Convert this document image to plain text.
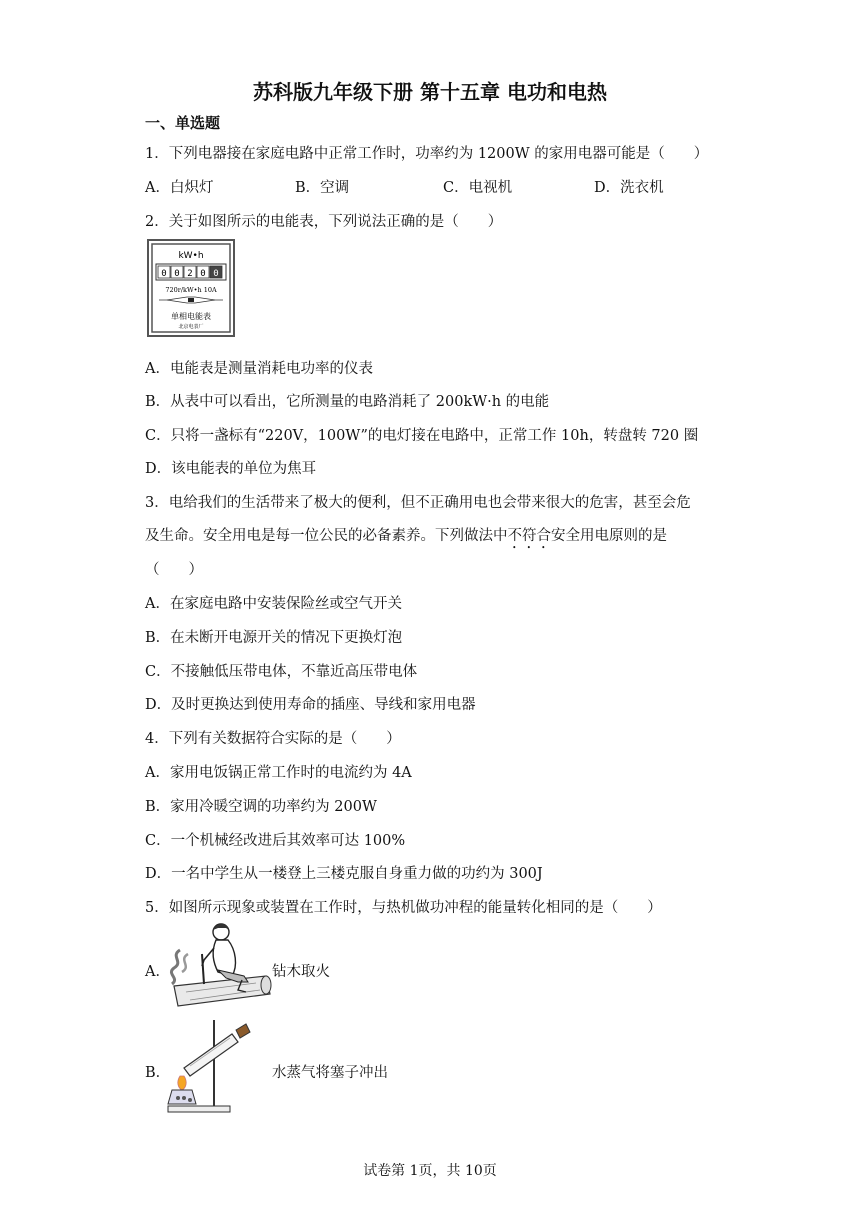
苏科版九年级下册 第十五章 电功和电热
一、单选题
1．下列电器接在家庭电路中正常工作时，功率约为 1200W 的家用电器可能是（　　）
A．白炽灯	B．空调	C．电视机	D．洗衣机
2．关于如图所示的电能表，下列说法正确的是（　　）
kW•h
0 0 2 0 0
720r/kW•h 10A
单相电能表
北京电表厂
A．电能表是测量消耗电功率的仪表
B．从表中可以看出，它所测量的电路消耗了 200kW·h 的电能
C．只将一盏标有“220V，100W”的电灯接在电路中，正常工作 10h，转盘转 720 圈
D．该电能表的单位为焦耳
3．电给我们的生活带来了极大的便利，但不正确用电也会带来很大的危害，甚至会危
及生命。安全用电是每一位公民的必备素养。下列做法中不符合安全用电原则的是
（　　）
A．在家庭电路中安装保险丝或空气开关
B．在未断开电源开关的情况下更换灯泡
C．不接触低压带电体，不靠近高压带电体
D．及时更换达到使用寿命的插座、导线和家用电器
4．下列有关数据符合实际的是（　　）
A．家用电饭锅正常工作时的电流约为 4A
B．家用冷暖空调的功率约为 200W
C．一个机械经改进后其效率可达 100%
D．一名中学生从一楼登上三楼克服自身重力做的功约为 300J
5．如图所示现象或装置在工作时，与热机做功冲程的能量转化相同的是（　　）
A．	钻木取火
B．	水蒸气将塞子冲出
试卷第 1页，共 10页
